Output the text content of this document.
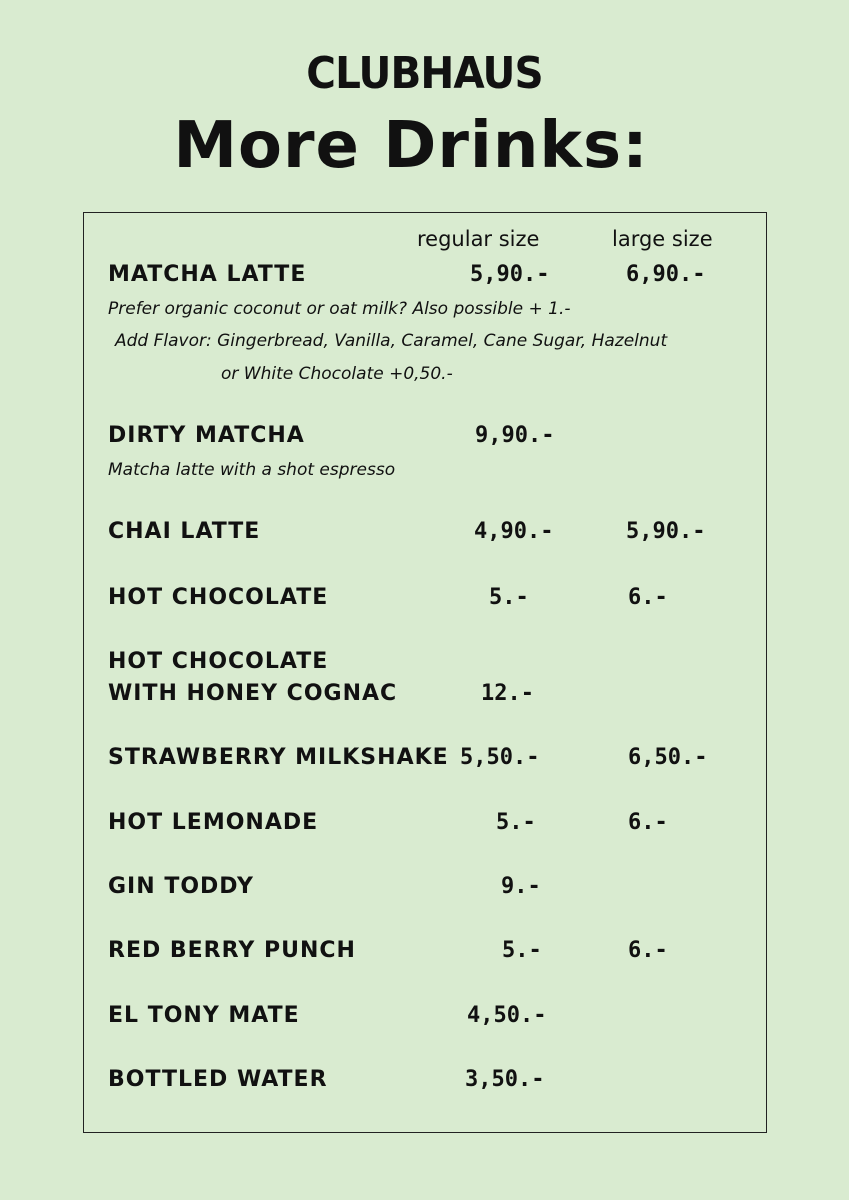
CLUBHAUS
More Drinks:
regular size	large size
MATCHA LATTE	5,90.-	6,90.-
Prefer organic coconut or oat milk? Also possible + 1.-
Add Flavor: Gingerbread, Vanilla, Caramel, Cane Sugar, Hazelnut
or White Chocolate +0,50.-
DIRTY MATCHA	9,90.-
Matcha latte with a shot espresso
CHAI LATTE	4,90.-	5,90.-
HOT CHOCOLATE	5.-	6.-
HOT CHOCOLATE
WITH HONEY COGNAC	12.-
STRAWBERRY MILKSHAKE 5,50.-	6,50.-
HOT LEMONADE	5.-	6.-
GIN TODDY	9.-
RED BERRY PUNCH	5.-	6.-
EL TONY MATE	4,50.-
BOTTLED WATER	3,50.-
